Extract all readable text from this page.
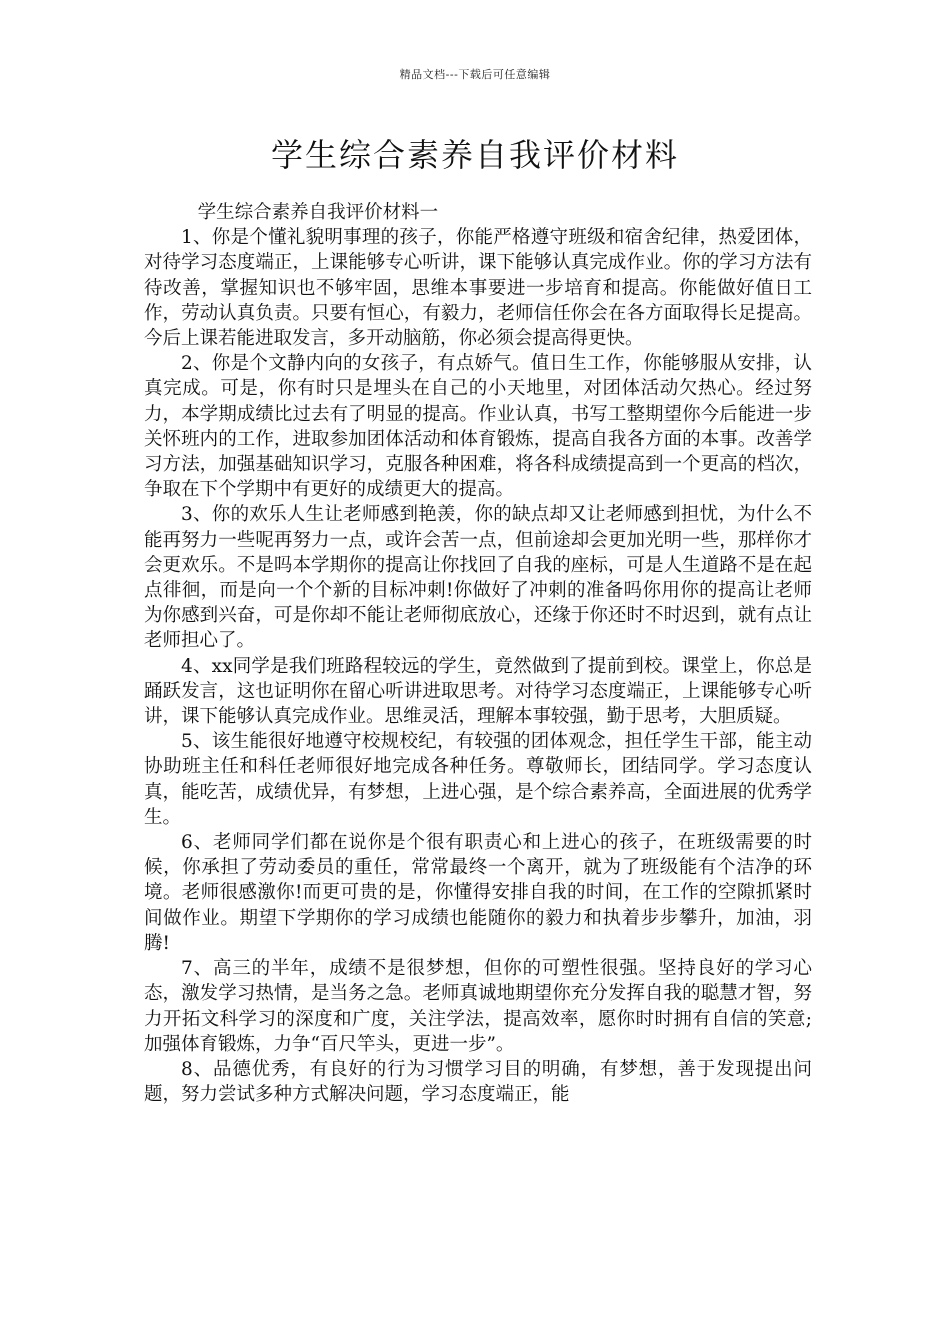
精品文档---下载后可任意编辑
学生综合素养自我评价材料

学生综合素养自我评价材料一

1、你是个懂礼貌明事理的孩子，你能严格遵守班级和宿舍纪律，热爱团体，对待学习态度端正，上课能够专心听讲，课下能够认真完成作业。你的学习方法有待改善，掌握知识也不够牢固，思维本事要进一步培育和提高。你能做好值日工作，劳动认真负责。只要有恒心，有毅力，老师信任你会在各方面取得长足提高。今后上课若能进取发言，多开动脑筋，你必须会提高得更快。

2、你是个文静内向的女孩子，有点娇气。值日生工作，你能够服从安排，认真完成。可是，你有时只是埋头在自己的小天地里，对团体活动欠热心。经过努力，本学期成绩比过去有了明显的提高。作业认真，书写工整期望你今后能进一步关怀班内的工作，进取参加团体活动和体育锻炼，提高自我各方面的本事。改善学习方法，加强基础知识学习，克服各种困难，将各科成绩提高到一个更高的档次，争取在下个学期中有更好的成绩更大的提高。

3、你的欢乐人生让老师感到艳羡，你的缺点却又让老师感到担忧，为什么不能再努力一些呢再努力一点，或许会苦一点，但前途却会更加光明一些，那样你才会更欢乐。不是吗本学期你的提高让你找回了自我的座标，可是人生道路不是在起点徘徊，而是向一个个新的目标冲刺!你做好了冲刺的准备吗你用你的提高让老师为你感到兴奋，可是你却不能让老师彻底放心，还缘于你还时不时迟到，就有点让老师担心了。

4、xx同学是我们班路程较远的学生，竟然做到了提前到校。课堂上，你总是踊跃发言，这也证明你在留心听讲进取思考。对待学习态度端正，上课能够专心听讲，课下能够认真完成作业。思维灵活，理解本事较强，勤于思考，大胆质疑。

5、该生能很好地遵守校规校纪，有较强的团体观念，担任学生干部，能主动协助班主任和科任老师很好地完成各种任务。尊敬师长，团结同学。学习态度认真，能吃苦，成绩优异，有梦想，上进心强，是个综合素养高，全面进展的优秀学生。

6、老师同学们都在说你是个很有职责心和上进心的孩子，在班级需要的时候，你承担了劳动委员的重任，常常最终一个离开，就为了班级能有个洁净的环境。老师很感激你!而更可贵的是，你懂得安排自我的时间，在工作的空隙抓紧时间做作业。期望下学期你的学习成绩也能随你的毅力和执着步步攀升，加油，羽腾!

7、高三的半年，成绩不是很梦想，但你的可塑性很强。坚持良好的学习心态，激发学习热情，是当务之急。老师真诚地期望你充分发挥自我的聪慧才智，努力开拓文科学习的深度和广度，关注学法，提高效率，愿你时时拥有自信的笑意;加强体育锻炼，力争“百尺竿头，更进一步”。

8、品德优秀，有良好的行为习惯学习目的明确，有梦想，善于发现提出问题，努力尝试多种方式解决问题，学习态度端正，能
